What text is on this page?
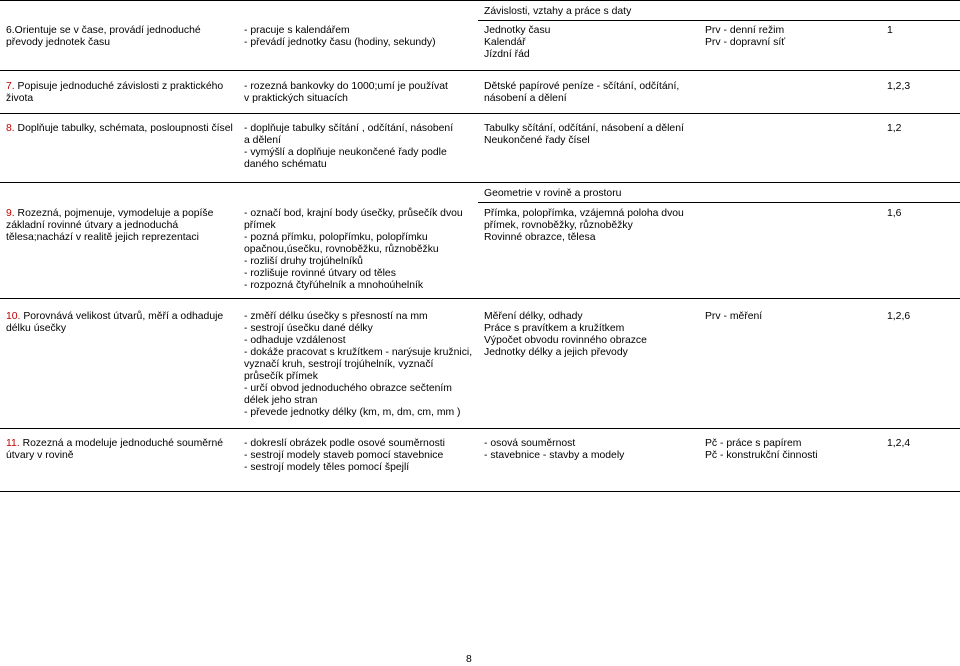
Závislosti, vztahy a práce s daty
6.Orientuje se v čase, provádí jednoduché
převody jednotek času
- pracuje s kalendářem
- převádí jednotky času (hodiny, sekundy)
Jednotky času
Kalendář
Jízdní řád
Prv - denní režim
Prv - dopravní síť
1
7. Popisuje jednoduché závislosti z praktického
života
- rozezná bankovky do 1000;umí je používat
v praktických situacích
Dětské papírové peníze - sčítání, odčítání,
násobení a dělení
1,2,3
8. Doplňuje tabulky, schémata, posloupnosti čísel	- doplňuje tabulky sčítání , odčítání, násobení
a dělení
- vymýšlí a doplňuje neukončené řady podle
daného schématu
Tabulky sčítání, odčítání, násobení a dělení
Neukončené řady čísel
1,2
Geometrie v rovině a prostoru
9. Rozezná, pojmenuje, vymodeluje a popíše
základní rovinné útvary a jednoduchá
tělesa;nachází v realitě jejich reprezentaci
- označí bod, krajní body úsečky, průsečík dvou
přímek
- pozná přímku, polopřímku, polopřímku
opačnou,úsečku, rovnoběžku, různoběžku
- rozliší druhy trojúhelníků
- rozlišuje rovinné útvary od těles
- rozpozná čtyřúhelník a mnohoúhelník
Přímka, polopřímka, vzájemná poloha dvou
přímek, rovnoběžky, různoběžky
Rovinné obrazce, tělesa
1,6
10. Porovnává velikost útvarů, měří a odhaduje
délku úsečky
- změří délku úsečky s přesností na mm
- sestrojí úsečku dané délky
- odhaduje vzdálenost
- dokáže pracovat s kružítkem - narýsuje kružnici,
vyznačí kruh, sestrojí trojúhelník, vyznačí
průsečík přímek
- určí obvod jednoduchého obrazce sečtením
délek jeho stran
- převede jednotky délky (km, m, dm, cm, mm )
Měření délky, odhady
Práce s pravítkem a kružítkem
Výpočet obvodu rovinného obrazce
Jednotky délky a jejich převody
Prv - měření	1,2,6
11. Rozezná a modeluje jednoduché souměrné
útvary v rovině
- dokreslí obrázek podle osové souměrnosti
- sestrojí modely staveb pomocí stavebnice
- sestrojí modely těles pomocí špejlí
- osová souměrnost
- stavebnice - stavby a modely
Pč - práce s papírem
Pč - konstrukční činnosti
1,2,4
8
